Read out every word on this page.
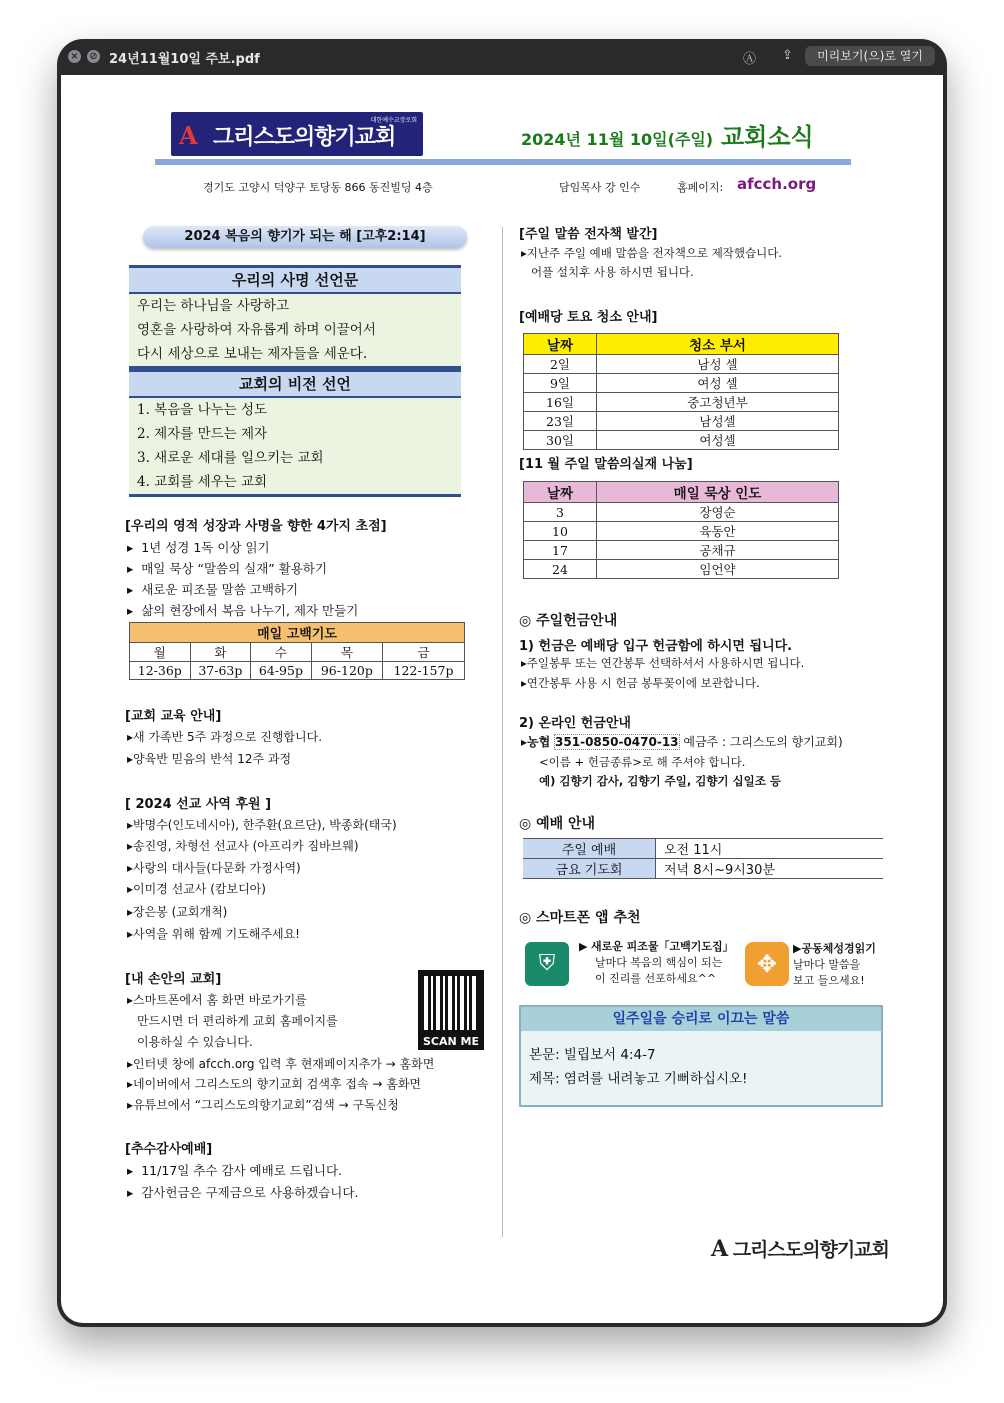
× ⊘ 24년11월10일 주보.pdf	Ⓐ ⇪	미리보기(으)로 열기
A 그리스도의향기교회
대한예수교장로회
2024년 11월 10일(주일) 교회소식
경기도 고양시 덕양구 토당동 866 동진빌딩 4층	담임목사 강 인수	홈페이지: afcch.org
2024 복음의 향기가 되는 해 [고후2:14]
우리의 사명 선언문
우리는 하나님을 사랑하고
영혼을 사랑하여 자유롭게 하며 이끌어서
다시 세상으로 보내는 제자들을 세운다.
교회의 비전 선언
1. 복음을 나누는 성도
2. 제자를 만드는 제자
3. 새로운 세대를 일으키는 교회
4. 교회를 세우는 교회
[우리의 영적 성장과 사명을 향한 4가지 초점]
▸  1년 성경 1독 이상 읽기
▸  매일 묵상 “말씀의 실재” 활용하기
▸  새로운 피조물 말씀 고백하기
▸  삶의 현장에서 복음 나누기, 제자 만들기
매일 고백기도				
월	화	수	목	금
12-36p	37-63p	64-95p	96-120p	122-157p
[교회 교육 안내]
▸새 가족반 5주 과정으로 진행합니다.
▸양육반 믿음의 반석 12주 과정
[ 2024 선교 사역 후원 ]
▸박명수(인도네시아), 한주환(요르단), 박종화(태국)
▸송진영, 차형선 선교사 (아프리카 짐바브웨)
▸사랑의 대사들(다문화 가정사역)
▸이미경 선교사 (캄보디아)
▸장은봉 (교회개척)
▸사역을 위해 함께 기도해주세요!
[내 손안의 교회]
▸스마트폰에서 홈 화면 바로가기를
만드시면 더 편리하게 교회 홈페이지를
이용하실 수 있습니다.	SCAN ME
▸인터넷 창에 afcch.org 입력 후 현재페이지추가 → 홈화면
▸네이버에서 그리스도의 향기교회 검색후 접속 → 홈화면
▸유튜브에서 “그리스도의향기교회”검색 → 구독신청
[추수감사예배]
▸  11/17일 추수 감사 예배로 드립니다.
▸  감사헌금은 구제금으로 사용하겠습니다.
[주일 말씀 전자책 발간]
▸지난주 주일 예배 말씀을 전자책으로 제작했습니다.
어플 설치후 사용 하시면 됩니다.
[예배당 토요 청소 안내]
날짜	청소 부서
2일	남성 셀
9일	여성 셀
16일	중고청년부
23일	남성셀
30일	여성셀
[11 월 주일 말씀의실재 나눔]
날짜	매일 묵상 인도
3	장영순
10	육동안
17	공채규
24	임언약
◎ 주일헌금안내
1) 헌금은 예배당 입구 헌금함에 하시면 됩니다.
▸주일봉투 또는 연간봉투 선택하셔서 사용하시면 됩니다.
▸연간봉투 사용 시 헌금 봉투꽂이에 보관합니다.
2) 온라인 헌금안내
▸농협 351-0850-0470-13 예금주 : 그리스도의 향기교회)
<이름 + 헌금종류>로 해 주셔야 합니다.
예) 김향기 감사, 김향기 주일, 김향기 십일조 등
◎ 예배 안내
주일 예배	오전 11시
금요 기도회	저녁 8시~9시30분
◎ 스마트폰 앱 추천
⛨
▶ 새로운 피조물「고백기도집」
날마다 복음의 핵심이 되는
이 진리를 선포하세요^^
✥
▶공동체성경읽기
날마다 말씀을
보고 들으세요!
일주일을 승리로 이끄는 말씀
본문: 빌립보서 4:4-7
제목: 염려를 내려놓고 기뻐하십시오!
A 그리스도의향기교회
